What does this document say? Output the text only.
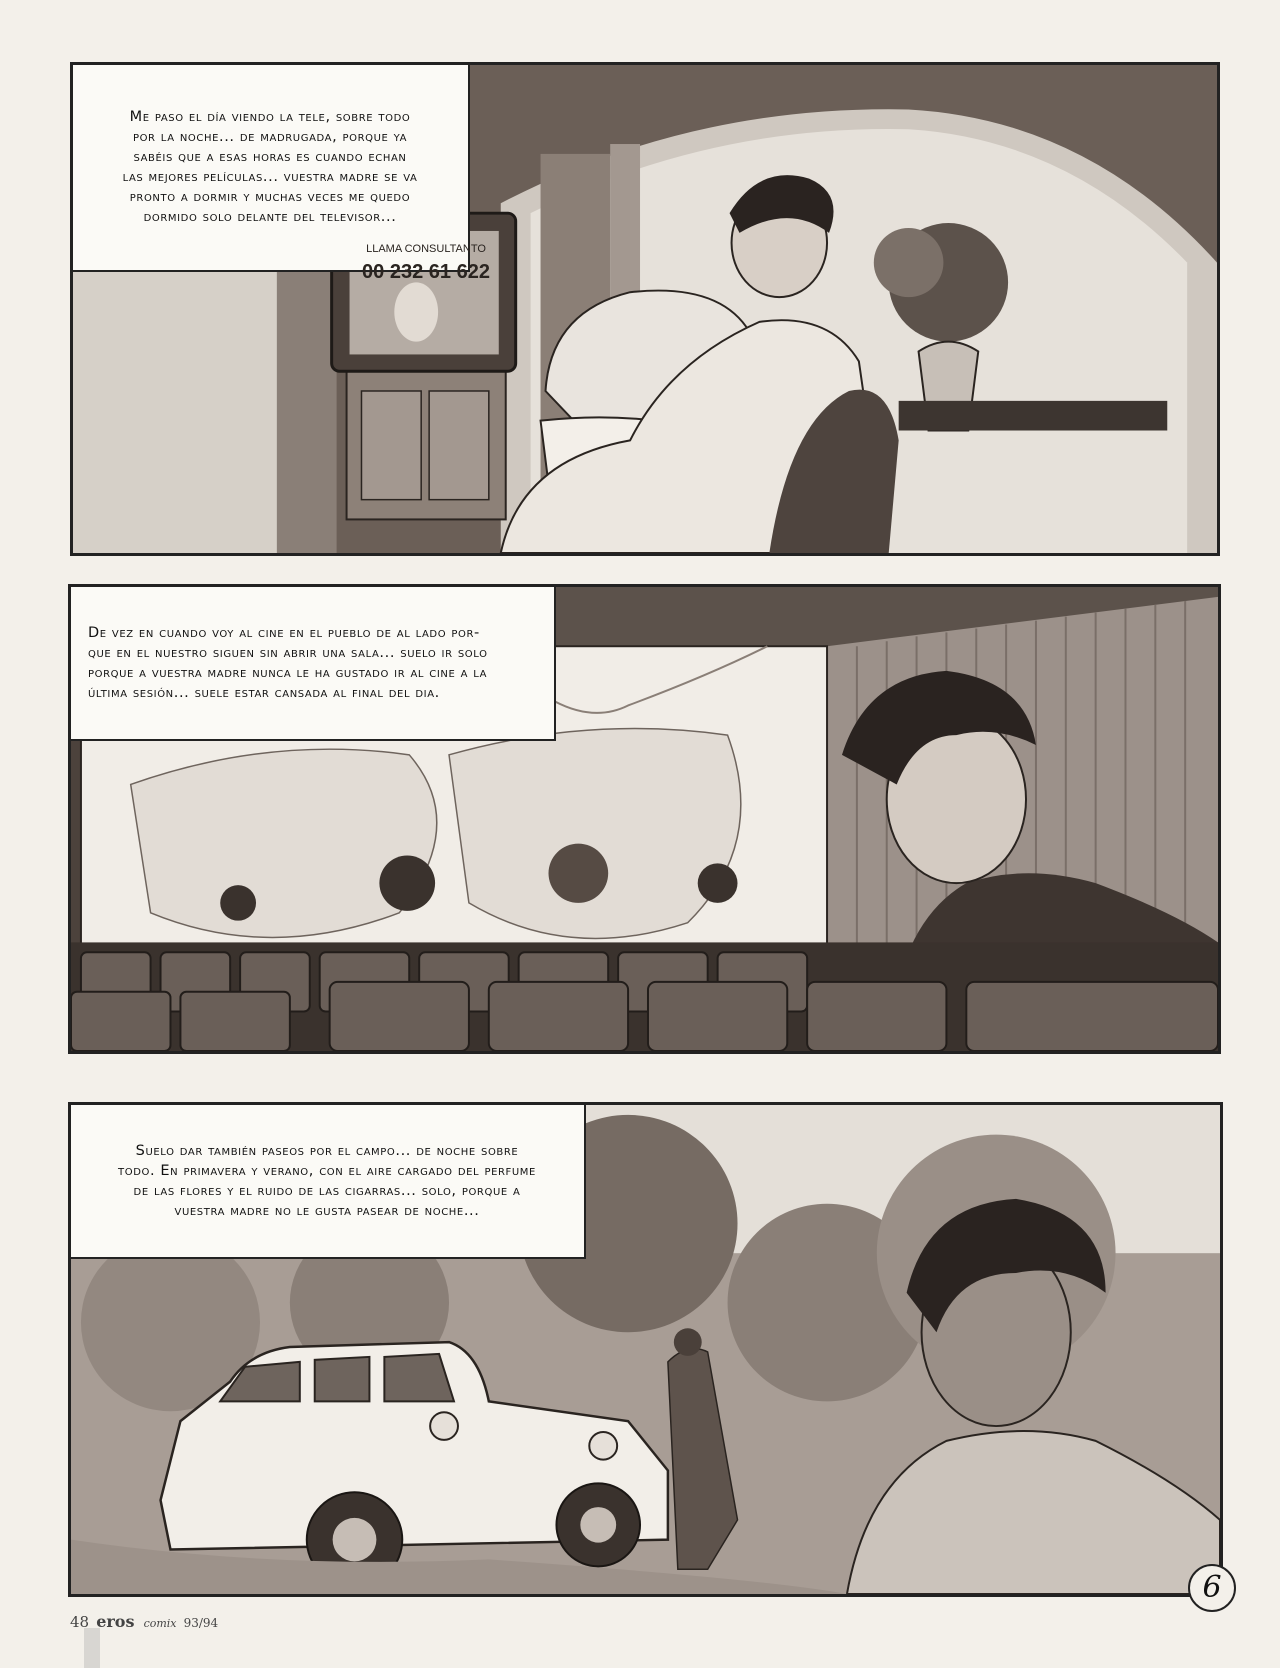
Me paso el día viendo la tele, sobre todo
por la noche... de madrugada, porque ya
sabéis que a esas horas es cuando echan
las mejores películas... vuestra madre se va
pronto a dormir y muchas veces me quedo
dormido solo delante del televisor...
LLAMA CONSULTANTO
00 232 61 622
De vez en cuando voy al cine en el pueblo de al lado por-
que en el nuestro siguen sin abrir una sala... suelo ir solo
porque a vuestra madre nunca le ha gustado ir al cine a la
última sesión... suele estar cansada al final del dia.
Suelo dar también paseos por el campo... de noche sobre
todo. En primavera y verano, con el aire cargado del perfume
de las flores y el ruido de las cigarras... solo, porque a
vuestra madre no le gusta pasear de noche...
6
48 eros comix 93/94
